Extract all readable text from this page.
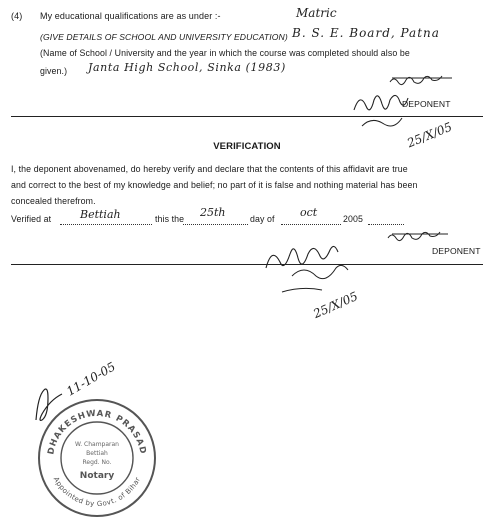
(4) My educational qualifications are as under :-	Matric
(GIVE DETAILS OF SCHOOL AND UNIVERSITY EDUCATION) B. S. E. Board, Patna
(Name of School / University and the year in which the course was completed should also be
given.) Janta High School, Sinka (1983)
25/X/05
DEPONENT
VERIFICATION
I, the deponent abovenamed, do hereby verify and declare that the contents of this affidavit are true
and correct to the best of my knowledge and belief; no part of it is false and nothing material has been
concealed therefrom.
Verified at	Bettiah	this the 25th	day of oct	2005
25/X/05
DEPONENT
11-10-05
DHAKESHWAR PRASAD
Appointed by Govt. of Bihar
W. Champaran
Bettiah
Regd. No.
Notary
